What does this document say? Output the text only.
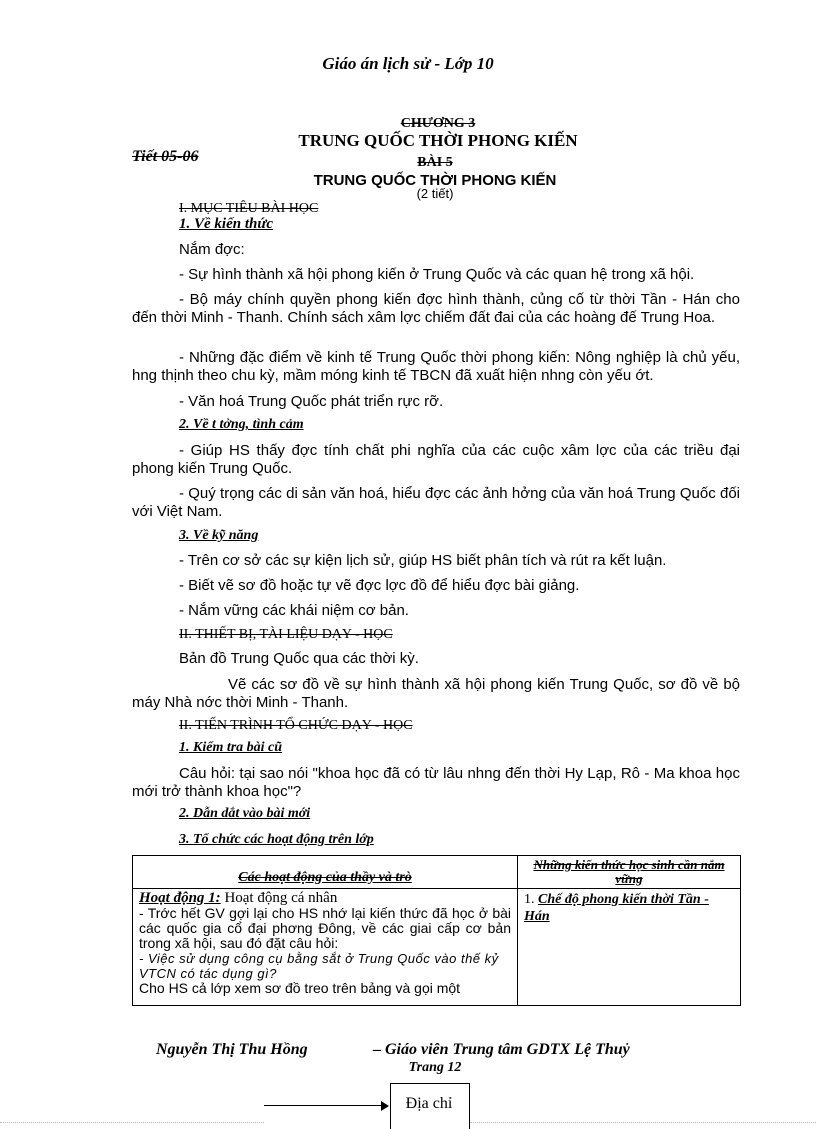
Giáo án lịch sử - Lớp 10
CHƯƠNG 3
TRUNG QUỐC THỜI PHONG KIẾN
Tiết 05-06	BÀI 5
TRUNG QUỐC THỜI PHONG KIẾN
(2 tiết)
I. MỤC TIÊU BÀI HỌC
1. Về kiến thức
Nắm đợc:
- Sự hình thành xã hội phong kiến ở Trung Quốc và các quan hệ trong xã hội.
- Bộ máy chính quyền phong kiến đợc hình thành, củng cố từ thời Tần - Hán cho đến thời Minh - Thanh. Chính sách xâm lợc chiếm đất đai của các hoàng đế Trung Hoa.
- Những đặc điểm về kinh tế Trung Quốc thời phong kiến: Nông nghiệp là chủ yếu, hng thịnh theo chu kỳ, mầm móng kinh tế TBCN đã xuất hiện nhng còn yếu ớt.
- Văn hoá Trung Quốc phát triển rực rỡ.
2. Về t tởng, tình cảm
- Giúp HS thấy đợc tính chất phi nghĩa của các cuộc xâm lợc của các triều đại phong kiến Trung Quốc.
- Quý trọng các di sản văn hoá, hiểu đợc các ảnh hởng của văn hoá Trung Quốc đối với Việt Nam.
3. Về kỹ năng
- Trên cơ sở các sự kiện lịch sử, giúp HS biết phân tích và rút ra kết luận.
- Biết vẽ sơ đồ hoặc tự vẽ đợc lợc đồ để hiểu đợc bài giảng.
- Nắm vững các khái niệm cơ bản.
II. THIẾT BỊ, TÀI LIỆU DẠY - HỌC
Bản đồ Trung Quốc qua các thời kỳ.
Vẽ các sơ đồ về sự hình thành xã hội phong kiến Trung Quốc, sơ đồ về bộ máy Nhà nớc thời Minh - Thanh.
II. TIẾN TRÌNH TỔ CHỨC DẠY - HỌC
1. Kiểm tra bài cũ
Câu hỏi: tại sao nói "khoa học đã có từ lâu nhng đến thời Hy Lạp, Rô - Ma khoa học mới trở thành khoa học"?
2. Dẫn dắt vào bài mới
3. Tổ chức các hoạt động trên lớp
Các hoạt động của thầy và trò	Những kiến thức học sinh cần nắm vững

Hoạt động 1: Hoạt động cá nhân
- Trớc hết GV gợi lại cho HS nhớ lại kiến thức đã học ở bài các quốc gia cổ đại phơng Đông, về các giai cấp cơ bản trong xã hội, sau đó đặt câu hỏi:
- Việc sử dụng công cụ bằng sắt ở Trung Quốc vào thế kỷ VTCN có tác dụng gì?
Cho HS cả lớp xem sơ đồ treo trên bảng và gọi một	1. Chế độ phong kiến thời Tần - Hán
Nguyễn Thị Thu Hồng	– Giáo viên Trung tâm GDTX Lệ Thuỷ
Trang 12
Địa chỉ
